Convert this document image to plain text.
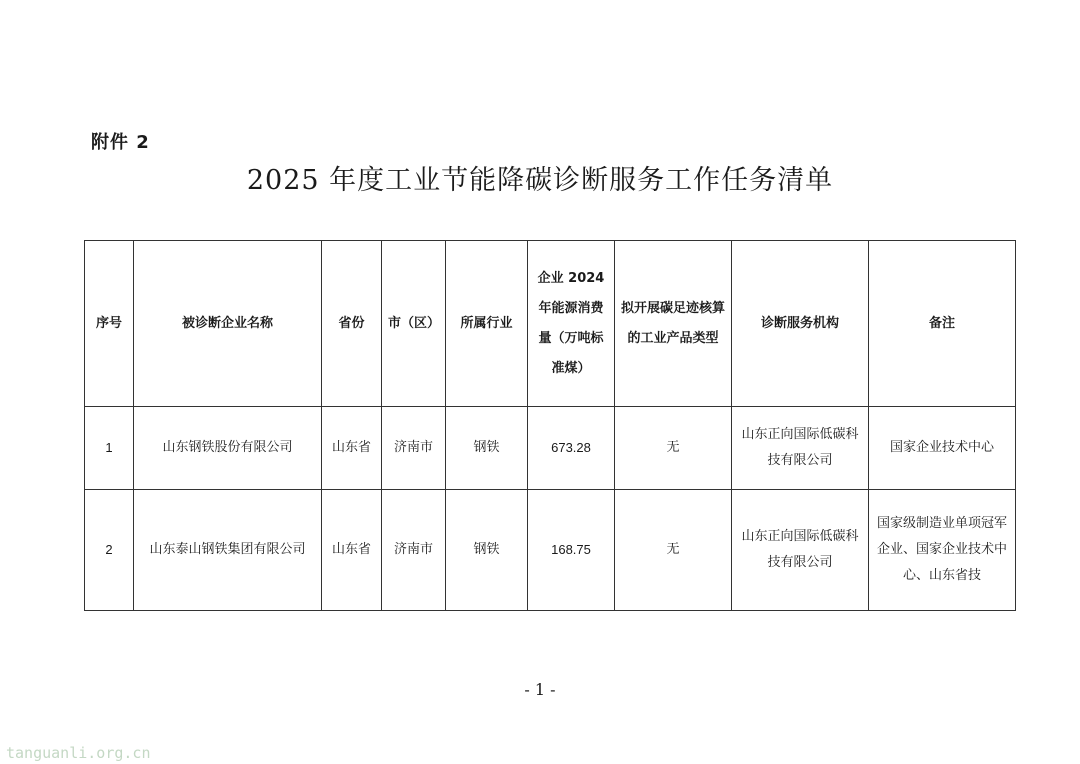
附件 2
2025 年度工业节能降碳诊断服务工作任务清单
序号	被诊断企业名称	省份	市（区）	所属行业	企业 2024 年能源消费量（万吨标准煤）	拟开展碳足迹核算的工业产品类型	诊断服务机构	备注
1	山东钢铁股份有限公司	山东省	济南市	钢铁	673.28	无	山东正向国际低碳科技有限公司	国家企业技术中心
2	山东泰山钢铁集团有限公司	山东省	济南市	钢铁	168.75	无	山东正向国际低碳科技有限公司	国家级制造业单项冠军企业、国家企业技术中心、山东省技
- 1 -
tanguanli.org.cn
